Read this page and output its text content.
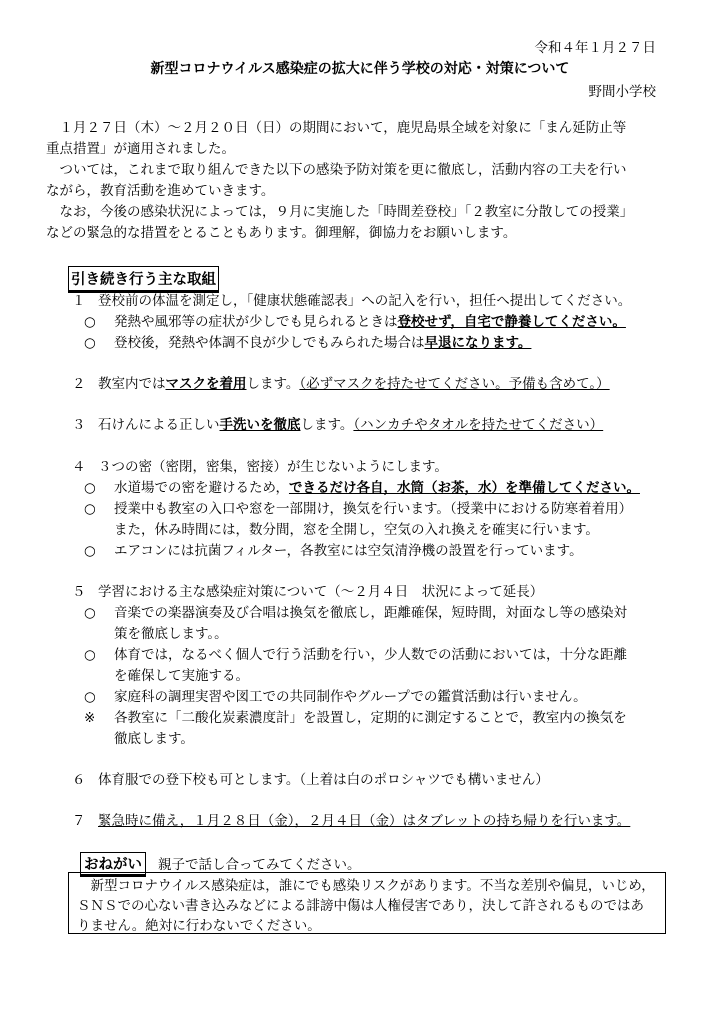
令和４年１月２７日
新型コロナウイルス感染症の拡大に伴う学校の対応・対策について
野間小学校

　１月２７日（木）～２月２０日（日）の期間において，鹿児島県全域を対象に「まん延防止等

重点措置」が適用されました。

　ついては，これまで取り組んできた以下の感染予防対策を更に徹底し，活動内容の工夫を行い

ながら，教育活動を進めていきます。

　なお，今後の感染状況によっては，９月に実施した「時間差登校」「２教室に分散しての授業」

などの緊急的な措置をとることもあります。御理解，御協力をお願いします。

引き続き行う主な取組
１ 登校前の体温を測定し，「健康状態確認表」への記入を行い，担任へ提出してください。
○ 発熱や風邪等の症状が少しでも見られるときは登校せず，自宅で静養してください。
○ 登校後，発熱や体調不良が少しでもみられた場合は早退になります。
２ 教室内ではマスクを着用します。（必ずマスクを持たせてください。予備も含めて。）
３ 石けんによる正しい手洗いを徹底します。（ハンカチやタオルを持たせてください）
４ ３つの密（密閉，密集，密接）が生じないようにします。
○ 水道場での密を避けるため，できるだけ各自，水筒（お茶，水）を準備してください。
○ 授業中も教室の入口や窓を一部開け，換気を行います。（授業中における防寒着着用）
また，休み時間には，数分間，窓を全開し，空気の入れ換えを確実に行います。
○ エアコンには抗菌フィルター，各教室には空気清浄機の設置を行っています。
５ 学習における主な感染症対策について（～２月４日　状況によって延長）
○ 音楽での楽器演奏及び合唱は換気を徹底し，距離確保，短時間，対面なし等の感染対
策を徹底します。。
○ 体育では，なるべく個人で行う活動を行い，少人数での活動においては，十分な距離
を確保して実施する。
○ 家庭科の調理実習や図工での共同制作やグループでの鑑賞活動は行いません。
※ 各教室に「二酸化炭素濃度計」を設置し，定期的に測定することで，教室内の換気を
徹底します。
６ 体育服での登下校も可とします。（上着は白のポロシャツでも構いません）
７ 緊急時に備え，１月２８日（金），２月４日（金）はタブレットの持ち帰りを行います。
おねがい 親子で話し合ってみてください。
　新型コロナウイルス感染症は，誰にでも感染リスクがあります。不当な差別や偏見，いじめ，ＳＮＳでの心ない書き込みなどによる誹謗中傷は人権侵害であり，決して許されるものではありません。絶対に行わないでください。
